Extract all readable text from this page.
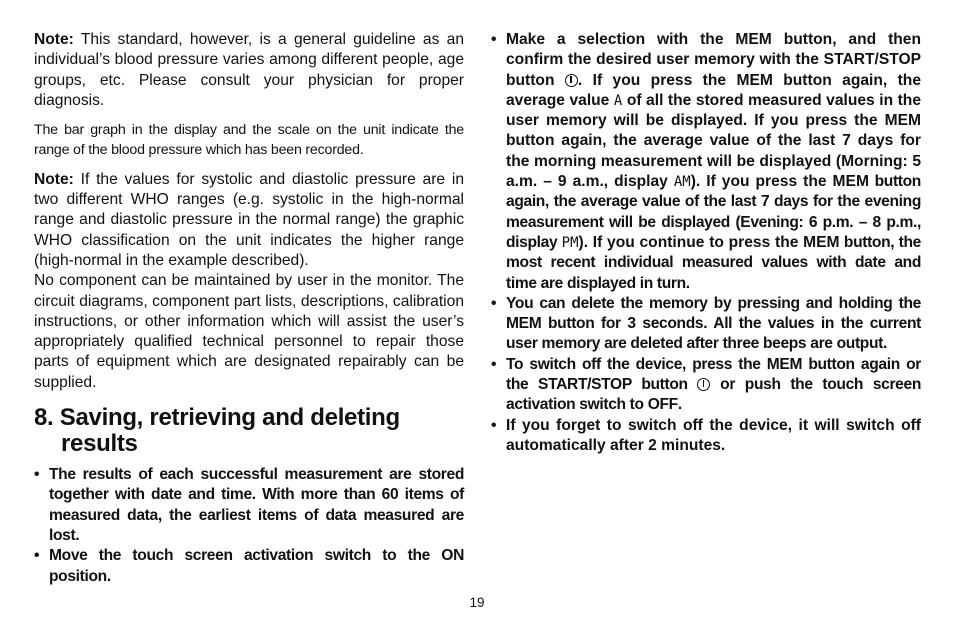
Note: This standard, however, is a general guideline as an individual’s blood pressure varies among different people, age groups, etc. Please consult your physician for proper diagnosis.

The bar graph in the display and the scale on the unit indicate the range of the blood pressure which has been recorded.

Note: If the values for systolic and diastolic pressure are in two different WHO ranges (e.g. systolic in the high-normal range and diastolic pressure in the normal range) the graphic WHO classification on the unit indicates the higher range (high-normal in the example described).

No component can be maintained by user in the monitor. The circuit diagrams, component part lists, descriptions, calibration instructions, or other information which will assist the user’s appropriately qualified technical personnel to repair those parts of equipment which are designated repairably can be supplied.

8. Saving, retrieving and deleting
results
• The results of each successful measurement are stored together with date and time. With more than 60 items of measured data, the earliest items of data measured are lost.
• Move the touch screen activation switch to the ON position.
• Make a selection with the MEM button, and then confirm the desired user memory with the START/STOP button . If you press the MEM button again, the average value A of all the stored measured values in the user memory will be displayed. If you press the MEM button again, the average value of the last 7 days for the morning measurement will be displayed (Morning: 5 a.m. – 9 a.m., display AM). If you press the MEM button again, the average value of the last 7 days for the evening measurement will be displayed (Evening: 6 p.m. – 8 p.m., display PM). If you continue to press the MEM button, the most recent individual measured values with date and time are displayed in turn.
• You can delete the memory by pressing and holding the MEM button for 3 seconds. All the values in the current user memory are deleted after three beeps are output.
• To switch off the device, press the MEM button again or the START/STOP button  or push the touch screen activation switch to OFF.
• If you forget to switch off the device, it will switch off automatically after 2 minutes.
19
